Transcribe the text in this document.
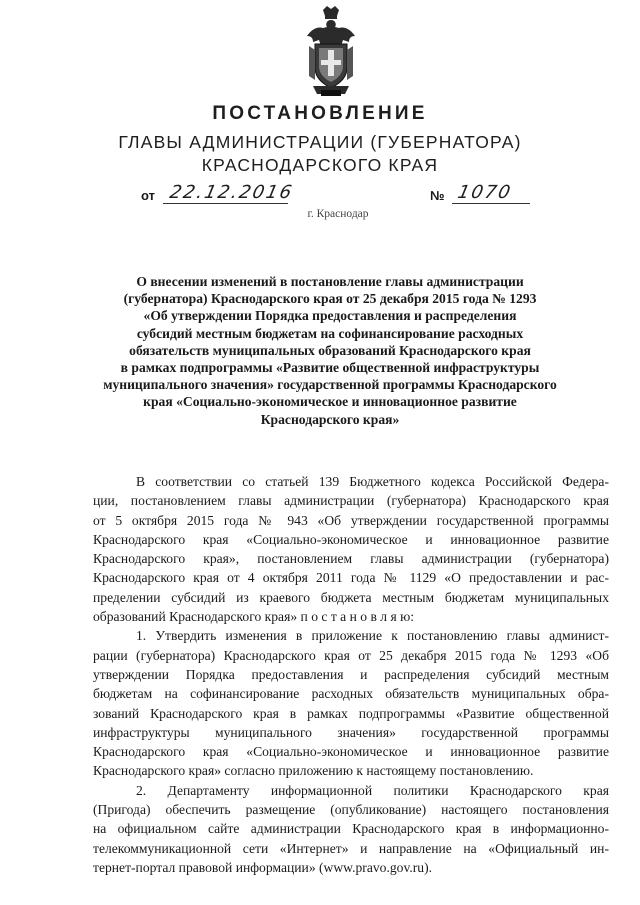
ПОСТАНОВЛЕНИЕ
ГЛАВЫ АДМИНИСТРАЦИИ (ГУБЕРНАТОРА)
КРАСНОДАРСКОГО КРАЯ
от 22.12.2016	№ 1070
г. Краснодар
О внесении изменений в постановление главы администрации
(губернатора) Краснодарского края от 25 декабря 2015 года № 1293
«Об утверждении Порядка предоставления и распределения
субсидий местным бюджетам на софинансирование расходных
обязательств муниципальных образований Краснодарского края
в рамках подпрограммы «Развитие общественной инфраструктуры
муниципального значения» государственной программы Краснодарского
края «Социально-экономическое и инновационное развитие
Краснодарского края»
В соответствии со статьей 139 Бюджетного кодекса Российской Федера-
ции, постановлением главы администрации (губернатора) Краснодарского края
от 5 октября 2015 года № 943 «Об утверждении государственной программы
Краснодарского края «Социально-экономическое и инновационное развитие
Краснодарского края», постановлением главы администрации (губернатора)
Краснодарского края от 4 октября 2011 года № 1129 «О предоставлении и рас-
пределении субсидий из краевого бюджета местным бюджетам муниципальных
образований Краснодарского края» п о с т а н о в л я ю:
1. Утвердить изменения в приложение к постановлению главы админист-
рации (губернатора) Краснодарского края от 25 декабря 2015 года № 1293 «Об
утверждении Порядка предоставления и распределения субсидий местным
бюджетам на софинансирование расходных обязательств муниципальных обра-
зований Краснодарского края в рамках подпрограммы «Развитие общественной
инфраструктуры муниципального значения» государственной программы
Краснодарского края «Социально-экономическое и инновационное развитие
Краснодарского края» согласно приложению к настоящему постановлению.
2. Департаменту информационной политики Краснодарского края
(Пригода) обеспечить размещение (опубликование) настоящего постановления
на официальном сайте администрации Краснодарского края в информационно-
телекоммуникационной сети «Интернет» и направление на «Официальный ин-
тернет-портал правовой информации» (www.pravo.gov.ru).
